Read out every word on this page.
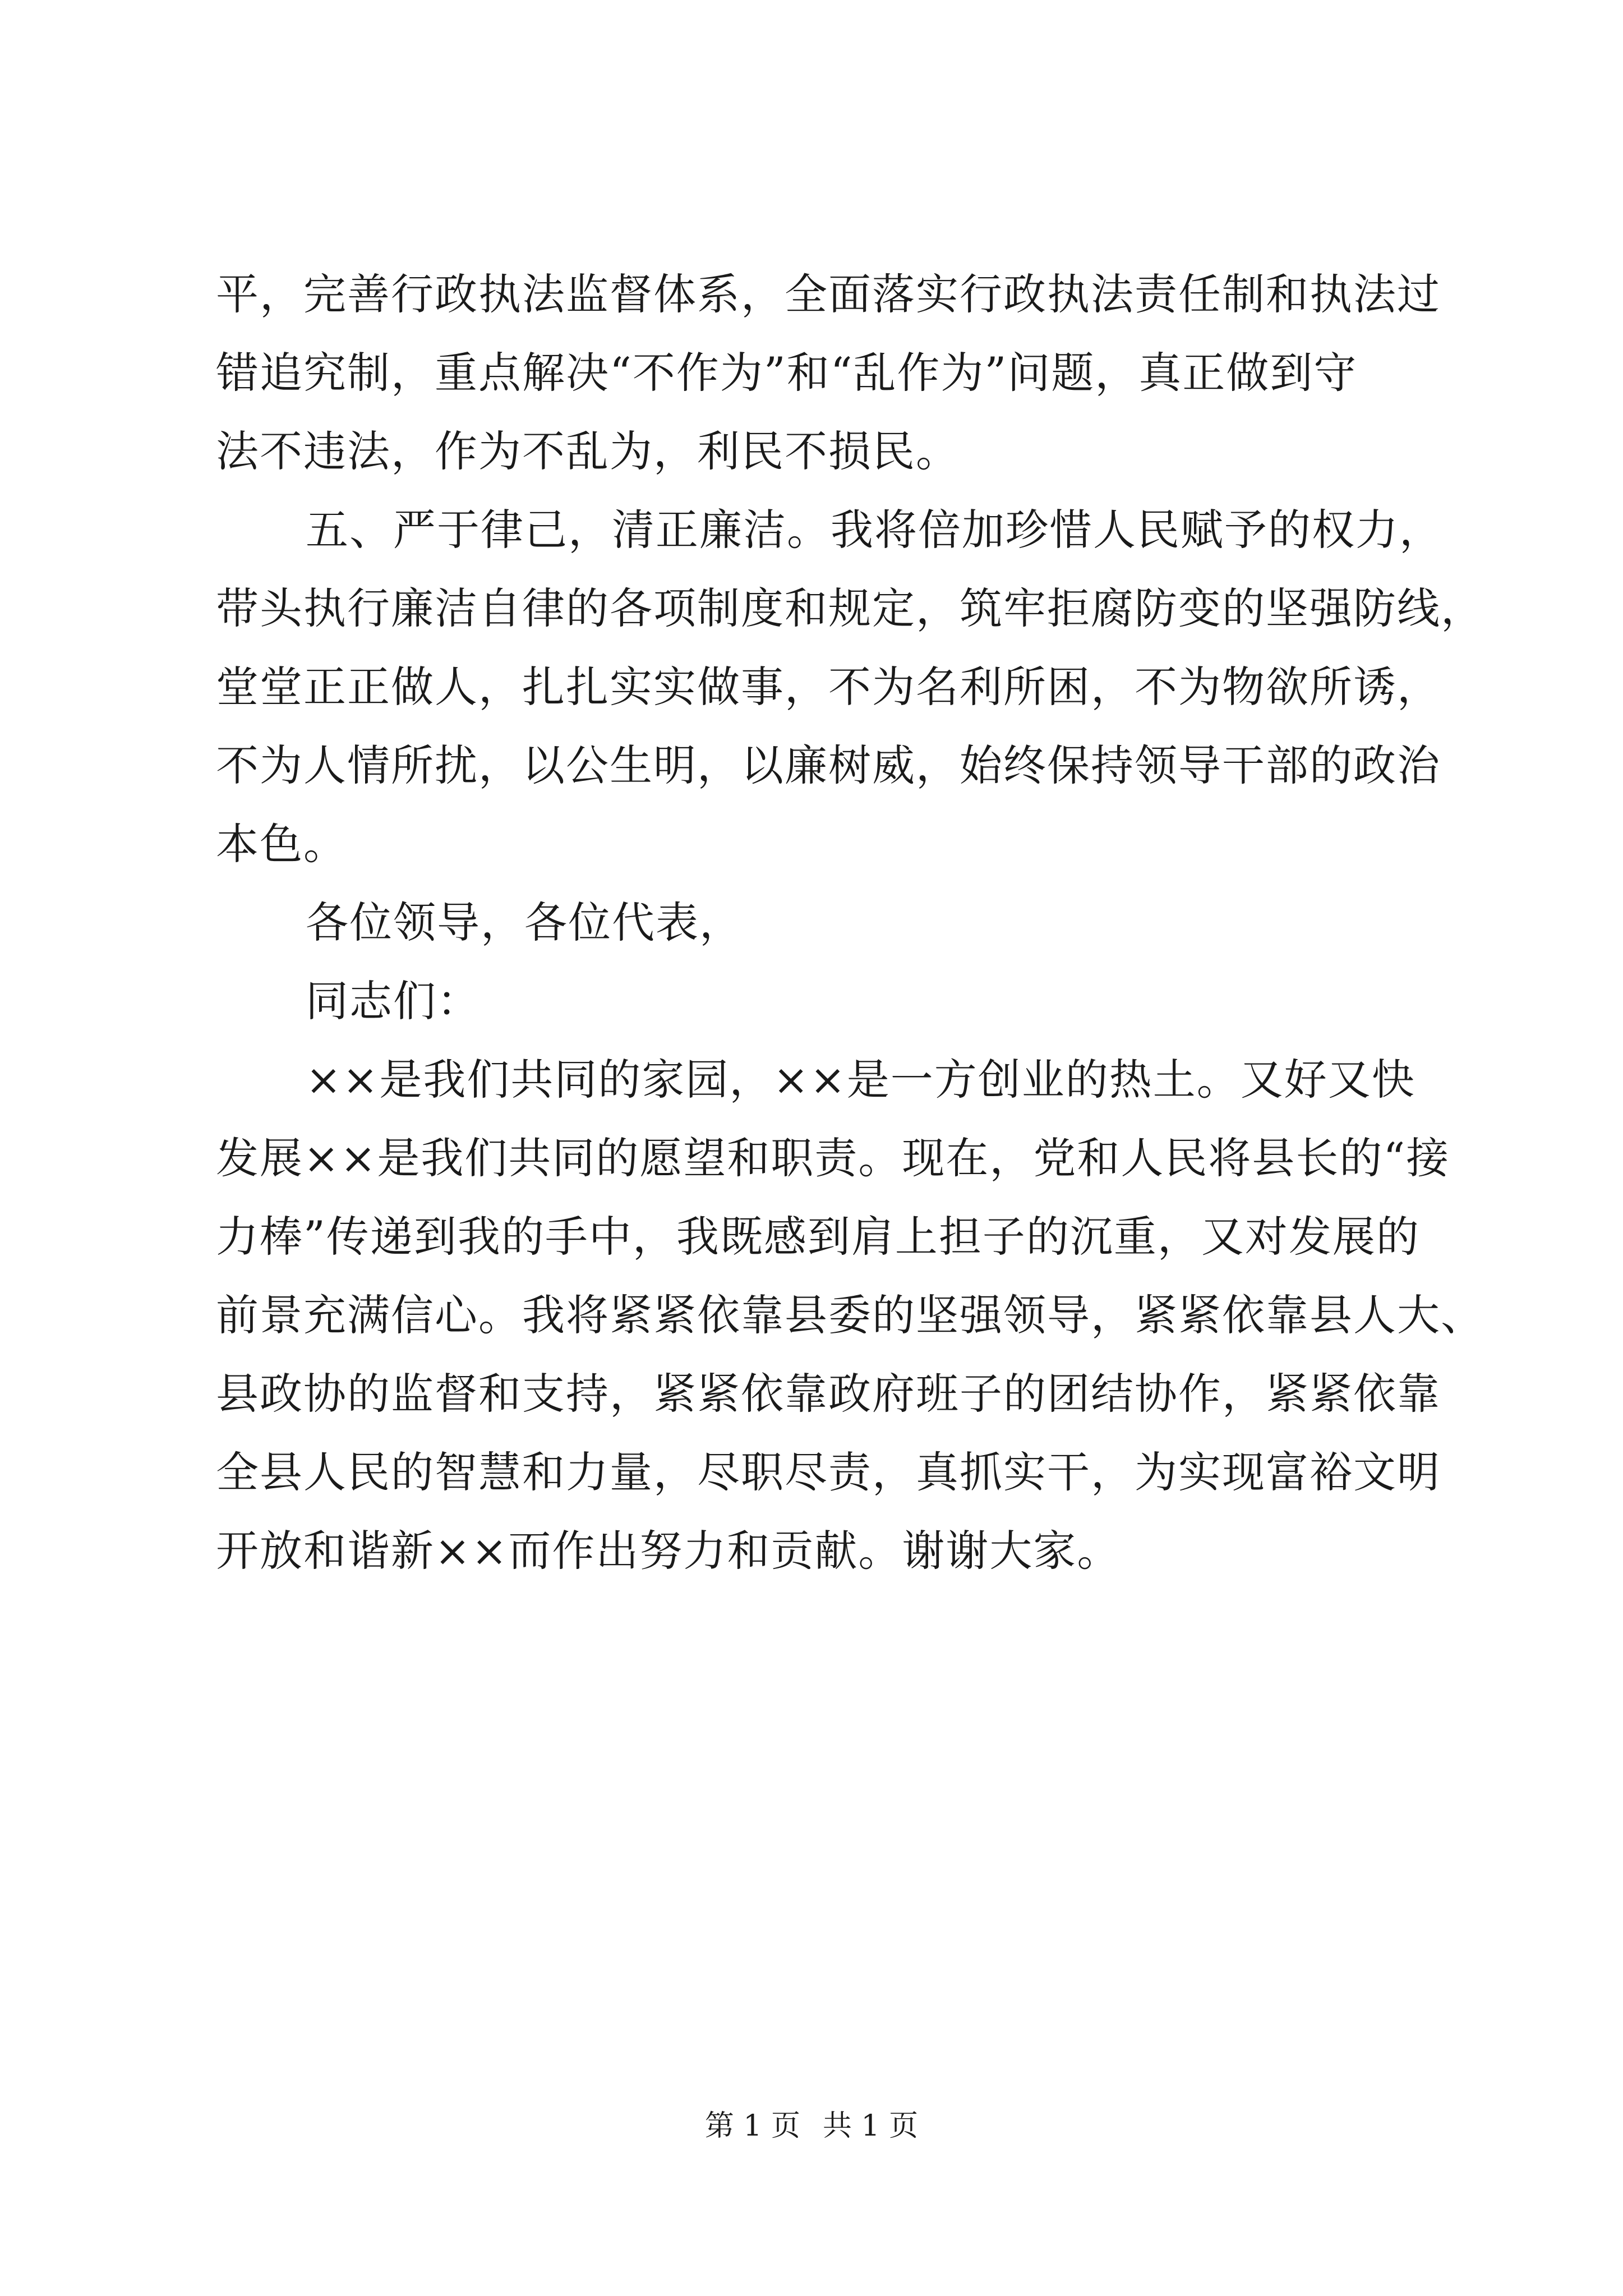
平，完善行政执法监督体系，全面落实行政执法责任制和执法过
错追究制，重点解决“不作为”和“乱作为”问题，真正做到守
法不违法，作为不乱为，利民不损民。
五、严于律己，清正廉洁。我将倍加珍惜人民赋予的权力，
带头执行廉洁自律的各项制度和规定，筑牢拒腐防变的坚强防线，
堂堂正正做人，扎扎实实做事，不为名利所困，不为物欲所诱，
不为人情所扰，以公生明，以廉树威，始终保持领导干部的政治
本色。
各位领导，各位代表，
同志们：
××是我们共同的家园，××是一方创业的热土。又好又快
发展××是我们共同的愿望和职责。现在，党和人民将县长的“接
力棒”传递到我的手中，我既感到肩上担子的沉重，又对发展的
前景充满信心。我将紧紧依靠县委的坚强领导，紧紧依靠县人大、
县政协的监督和支持，紧紧依靠政府班子的团结协作，紧紧依靠
全县人民的智慧和力量，尽职尽责，真抓实干，为实现富裕文明
开放和谐新××而作出努力和贡献。谢谢大家。
第 1 页 共 1 页
